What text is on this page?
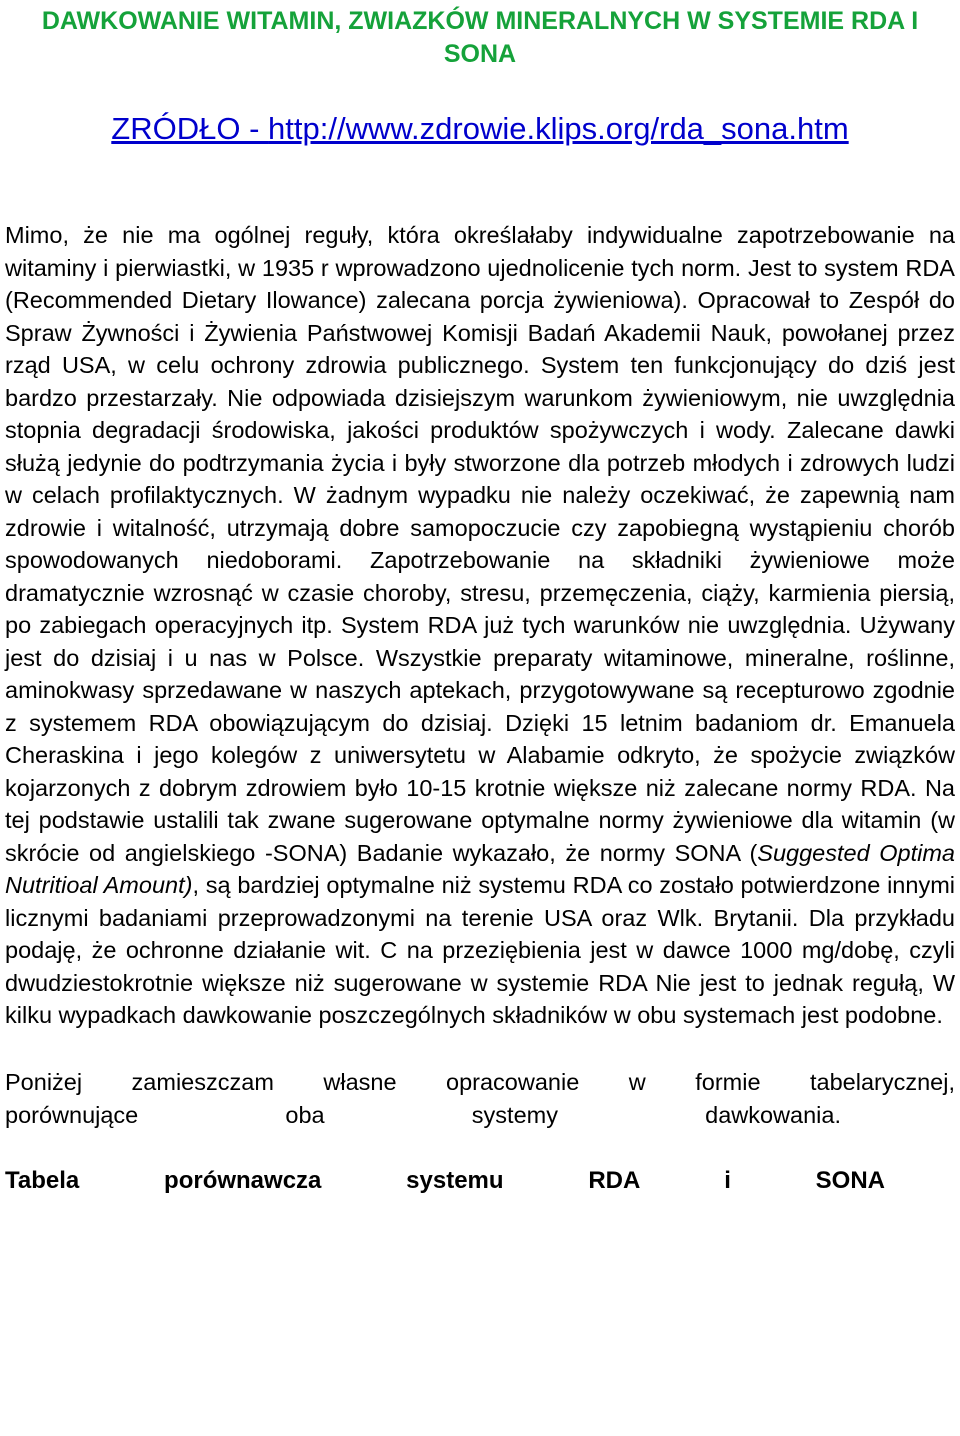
DAWKOWANIE WITAMIN, ZWIAZKÓW MINERALNYCH W SYSTEMIE RDA I SONA

ZRÓDŁO - http://www.zdrowie.klips.org/rda_sona.htm

Mimo, że nie ma ogólnej reguły, która określałaby indywidualne zapotrzebowanie na witaminy i pierwiastki, w 1935 r wprowadzono ujednolicenie tych norm. Jest to system RDA (Recommended Dietary Ilowance) zalecana porcja żywieniowa). Opracował to Zespół do Spraw Żywności i Żywienia Państwowej Komisji Badań Akademii Nauk, powołanej przez rząd USA, w celu ochrony zdrowia publicznego. System ten funkcjonujący do dziś jest bardzo przestarzały. Nie odpowiada dzisiejszym warunkom żywieniowym, nie uwzględnia stopnia degradacji środowiska, jakości produktów spożywczych i wody. Zalecane dawki służą jedynie do podtrzymania życia i były stworzone dla potrzeb młodych i zdrowych ludzi w celach profilaktycznych. W żadnym wypadku nie należy oczekiwać, że zapewnią nam zdrowie i witalność, utrzymają dobre samopoczucie czy zapobiegną wystąpieniu chorób spowodowanych niedoborami. Zapotrzebowanie na składniki żywieniowe może dramatycznie wzrosnąć w czasie choroby, stresu, przemęczenia, ciąży, karmienia piersią, po zabiegach operacyjnych itp. System RDA już tych warunków nie uwzględnia. Używany jest do dzisiaj i u nas w Polsce. Wszystkie preparaty witaminowe, mineralne, roślinne, aminokwasy sprzedawane w naszych aptekach, przygotowywane są recepturowo zgodnie z systemem RDA obowiązującym do dzisiaj. Dzięki 15 letnim badaniom dr. Emanuela Cheraskina i jego kolegów z uniwersytetu w Alabamie odkryto, że spożycie związków kojarzonych z dobrym zdrowiem było 10-15 krotnie większe niż zalecane normy RDA. Na tej podstawie ustalili tak zwane sugerowane optymalne normy żywieniowe dla witamin (w skrócie od angielskiego -SONA) Badanie wykazało, że normy SONA (Suggested Optima Nutritioal Amount), są bardziej optymalne niż systemu RDA co zostało potwierdzone innymi licznymi badaniami przeprowadzonymi na terenie USA oraz Wlk. Brytanii. Dla przykładu podaję, że ochronne działanie wit. C na przeziębienia jest w dawce 1000 mg/dobę, czyli dwudziestokrotnie większe niż sugerowane w systemie RDA Nie jest to jednak regułą, W kilku wypadkach dawkowanie poszczególnych składników w obu systemach jest podobne.

Poniżej zamieszczam własne opracowanie w formie tabelarycznej,
porównujące oba systemy dawkowania.

Tabela porównawcza systemu RDA i SONA
